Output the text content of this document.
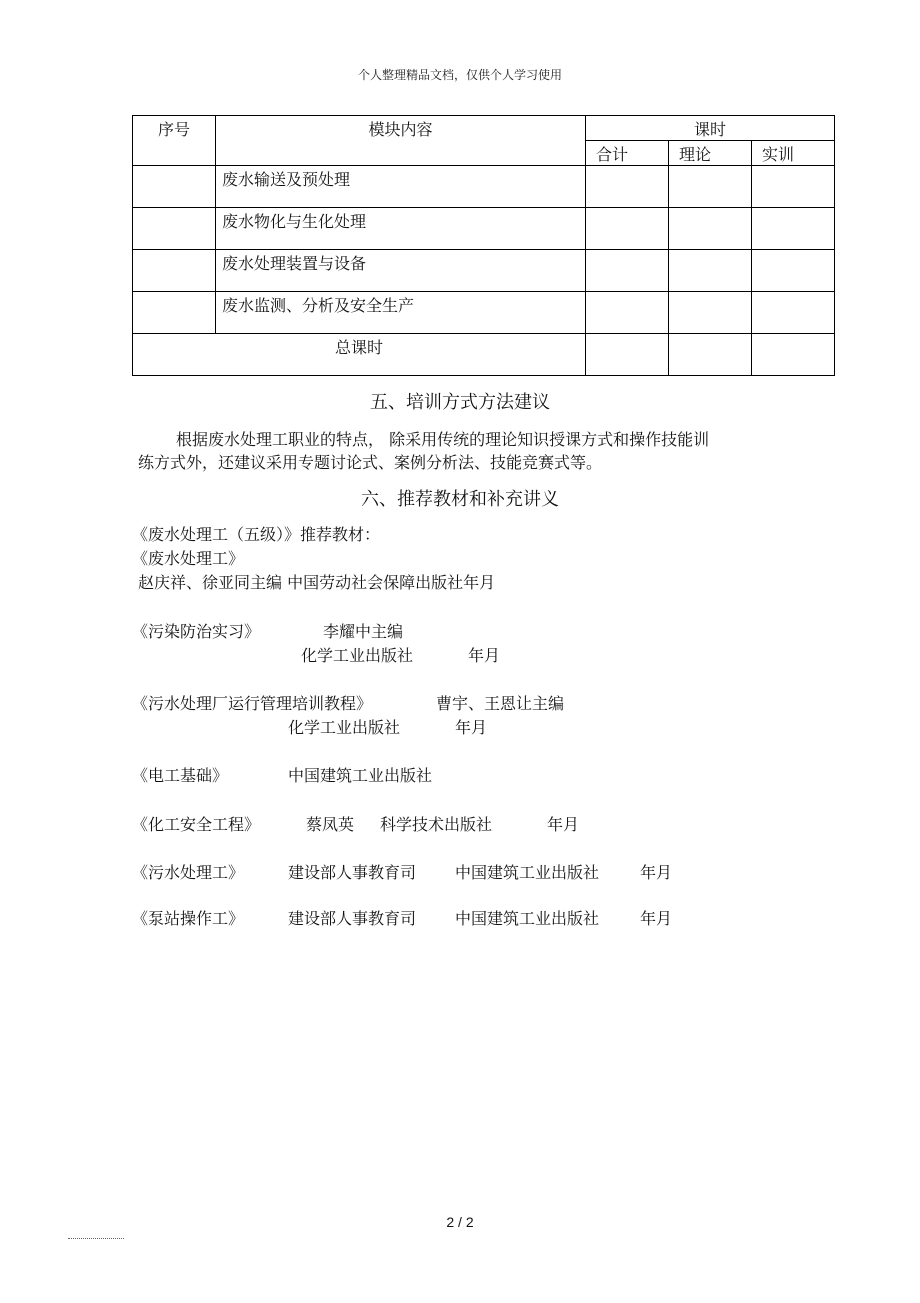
个人整理精品文档，仅供个人学习使用
序号	模块内容	课时		

		合计	理论	实训

	废水输送及预处理			

	废水物化与生化处理			

	废水处理装置与设备			

	废水监测、分析及安全生产			

总课时				

五、培训方式方法建议
根据废水处理工职业的特点， 除采用传统的理论知识授课方式和操作技能训
练方式外，还建议采用专题讨论式、案例分析法、技能竞赛式等。
六、推荐教材和补充讲义
《废水处理工（五级）》推荐教材：
《废水处理工》
赵庆祥、徐亚同主编 中国劳动社会保障出版社年月
《污染防治实习》	李耀中主编
化学工业出版社	年月
《污水处理厂运行管理培训教程》	曹宇、王恩让主编
化学工业出版社	年月
《电工基础》	中国建筑工业出版社
《化工安全工程》	蔡凤英 科学技术出版社	年月
《污水处理工》	建设部人事教育司 中国建筑工业出版社	年月
《泵站操作工》	建设部人事教育司 中国建筑工业出版社	年月
2 / 2
